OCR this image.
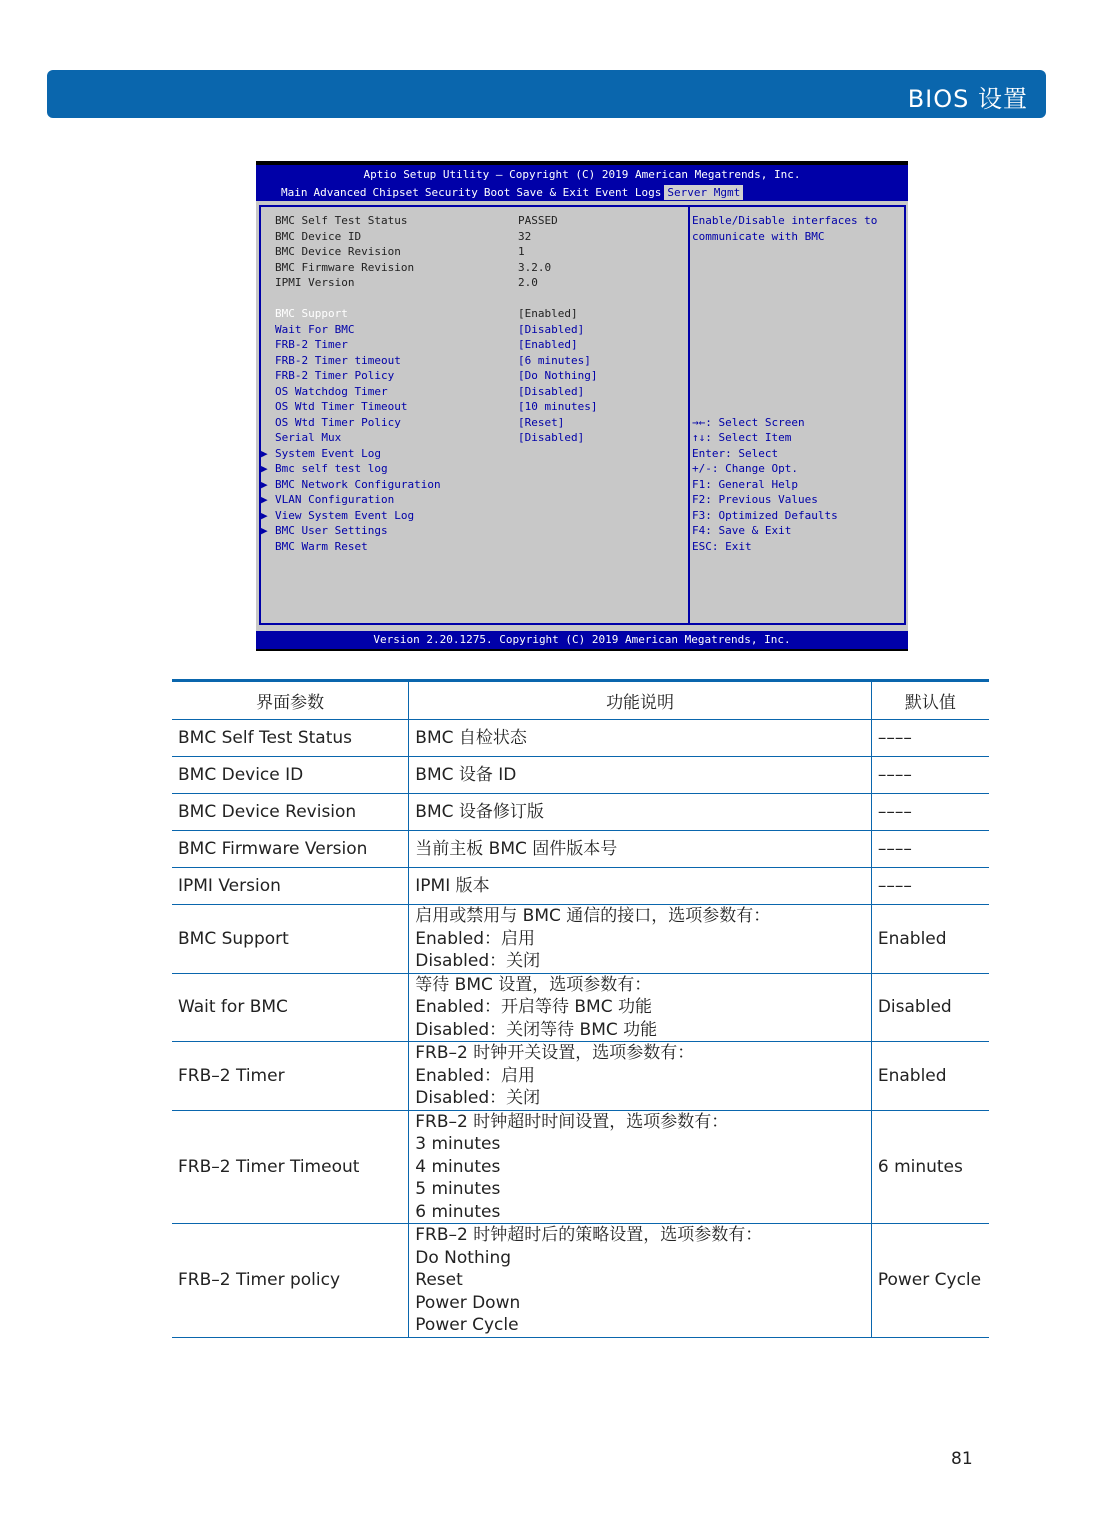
BIOS 设置
Aptio Setup Utility – Copyright (C) 2019 American Megatrends, Inc.
Main Advanced Chipset Security Boot Save & Exit Event Logs Server Mgmt
BMC Self Test Status	PASSED
BMC Device ID	32
BMC Device Revision	1
BMC Firmware Revision	3.2.0
IPMI Version	2.0
BMC Support	[Enabled]
Wait For BMC	[Disabled]
FRB-2 Timer	[Enabled]
FRB-2 Timer timeout	[6 minutes]
FRB-2 Timer Policy	[Do Nothing]
OS Watchdog Timer	[Disabled]
OS Wtd Timer Timeout	[10 minutes]
OS Wtd Timer Policy	[Reset]
Serial Mux	[Disabled]
▶ System Event Log
▶ Bmc self test log
▶ BMC Network Configuration
▶ VLAN Configuration
▶ View System Event Log
▶ BMC User Settings
BMC Warm Reset
Enable/Disable interfaces to
communicate with BMC
→←: Select Screen
↑↓: Select Item
Enter: Select
+/-: Change Opt.
F1: General Help
F2: Previous Values
F3: Optimized Defaults
F4: Save & Exit
ESC: Exit
Version 2.20.1275. Copyright (C) 2019 American Megatrends, Inc.
界面参数	功能说明	默认值
BMC Self Test Status	BMC 自检状态	––––
BMC Device ID	BMC 设备 ID	––––
BMC Device Revision	BMC 设备修订版	––––
BMC Firmware Version	当前主板 BMC 固件版本号	––––
IPMI Version	IPMI 版本	––––
BMC Support	启用或禁用与 BMC 通信的接口，选项参数有：
Enabled：启用
Disabled：关闭	Enabled
Wait for BMC	等待 BMC 设置，选项参数有：
Enabled：开启等待 BMC 功能
Disabled：关闭等待 BMC 功能	Disabled
FRB–2 Timer	FRB–2 时钟开关设置，选项参数有：
Enabled：启用
Disabled：关闭	Enabled
FRB–2 Timer Timeout	FRB–2 时钟超时时间设置，选项参数有：
3 minutes
4 minutes
5 minutes
6 minutes	6 minutes
FRB–2 Timer policy	FRB–2 时钟超时后的策略设置，选项参数有：
Do Nothing
Reset
Power Down
Power Cycle	Power Cycle
81
